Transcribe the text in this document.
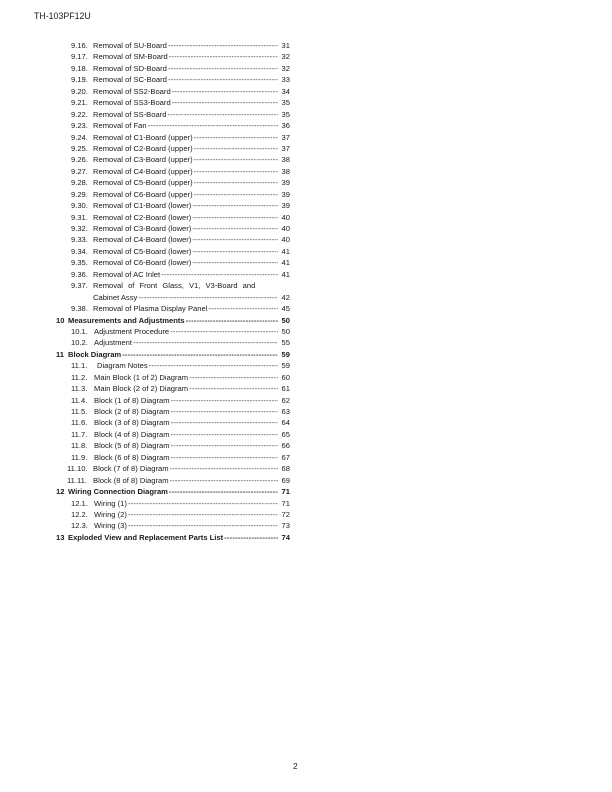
TH-103PF12U
9.16. Removal of SU-Board -----	31
9.17. Removal of SM-Board -----	32
9.18. Removal of SD-Board -----	32
9.19. Removal of SC-Board -----	33
9.20. Removal of SS2-Board -----	34
9.21. Removal of SS3-Board -----	35
9.22. Removal of SS-Board -----	35
9.23. Removal of Fan -----	36
9.24. Removal of C1-Board (upper) -----	37
9.25. Removal of C2-Board (upper) -----	37
9.26. Removal of C3-Board (upper) -----	38
9.27. Removal of C4-Board (upper) -----	38
9.28. Removal of C5-Board (upper) -----	39
9.29. Removal of C6-Board (upper) -----	39
9.30. Removal of C1-Board (lower) -----	39
9.31. Removal of C2-Board (lower) -----	40
9.32. Removal of C3-Board (lower) -----	40
9.33. Removal of C4-Board (lower) -----	40
9.34. Removal of C5-Board (lower) -----	41
9.35. Removal of C6-Board (lower) -----	41
9.36. Removal of AC Inlet -----	41
9.37. Removal of Front Glass, V1, V3-Board and
Cabinet Assy -----	42
9.38. Removal of Plasma Display Panel -----	45
10 Measurements and Adjustments -----	50
10.1. Adjustment Procedure -----	50
10.2. Adjustment -----	55
11 Block Diagram -----	59
11.1.	Diagram Notes -----	59
11.2. Main Block (1 of 2) Diagram -----	60
11.3. Main Block (2 of 2) Diagram -----	61
11.4. Block (1 of 8) Diagram -----	62
11.5. Block (2 of 8) Diagram -----	63
11.6. Block (3 of 8) Diagram -----	64
11.7. Block (4 of 8) Diagram -----	65
11.8. Block (5 of 8) Diagram -----	66
11.9. Block (6 of 8) Diagram -----	67
11.10. Block (7 of 8) Diagram -----	68
11.11. Block (8 of 8) Diagram -----	69
12 Wiring Connection Diagram -----	71
12.1. Wiring (1) -----	71
12.2. Wiring (2) -----	72
12.3. Wiring (3) -----	73
13 Exploded View and Replacement Parts List -----	74
2
